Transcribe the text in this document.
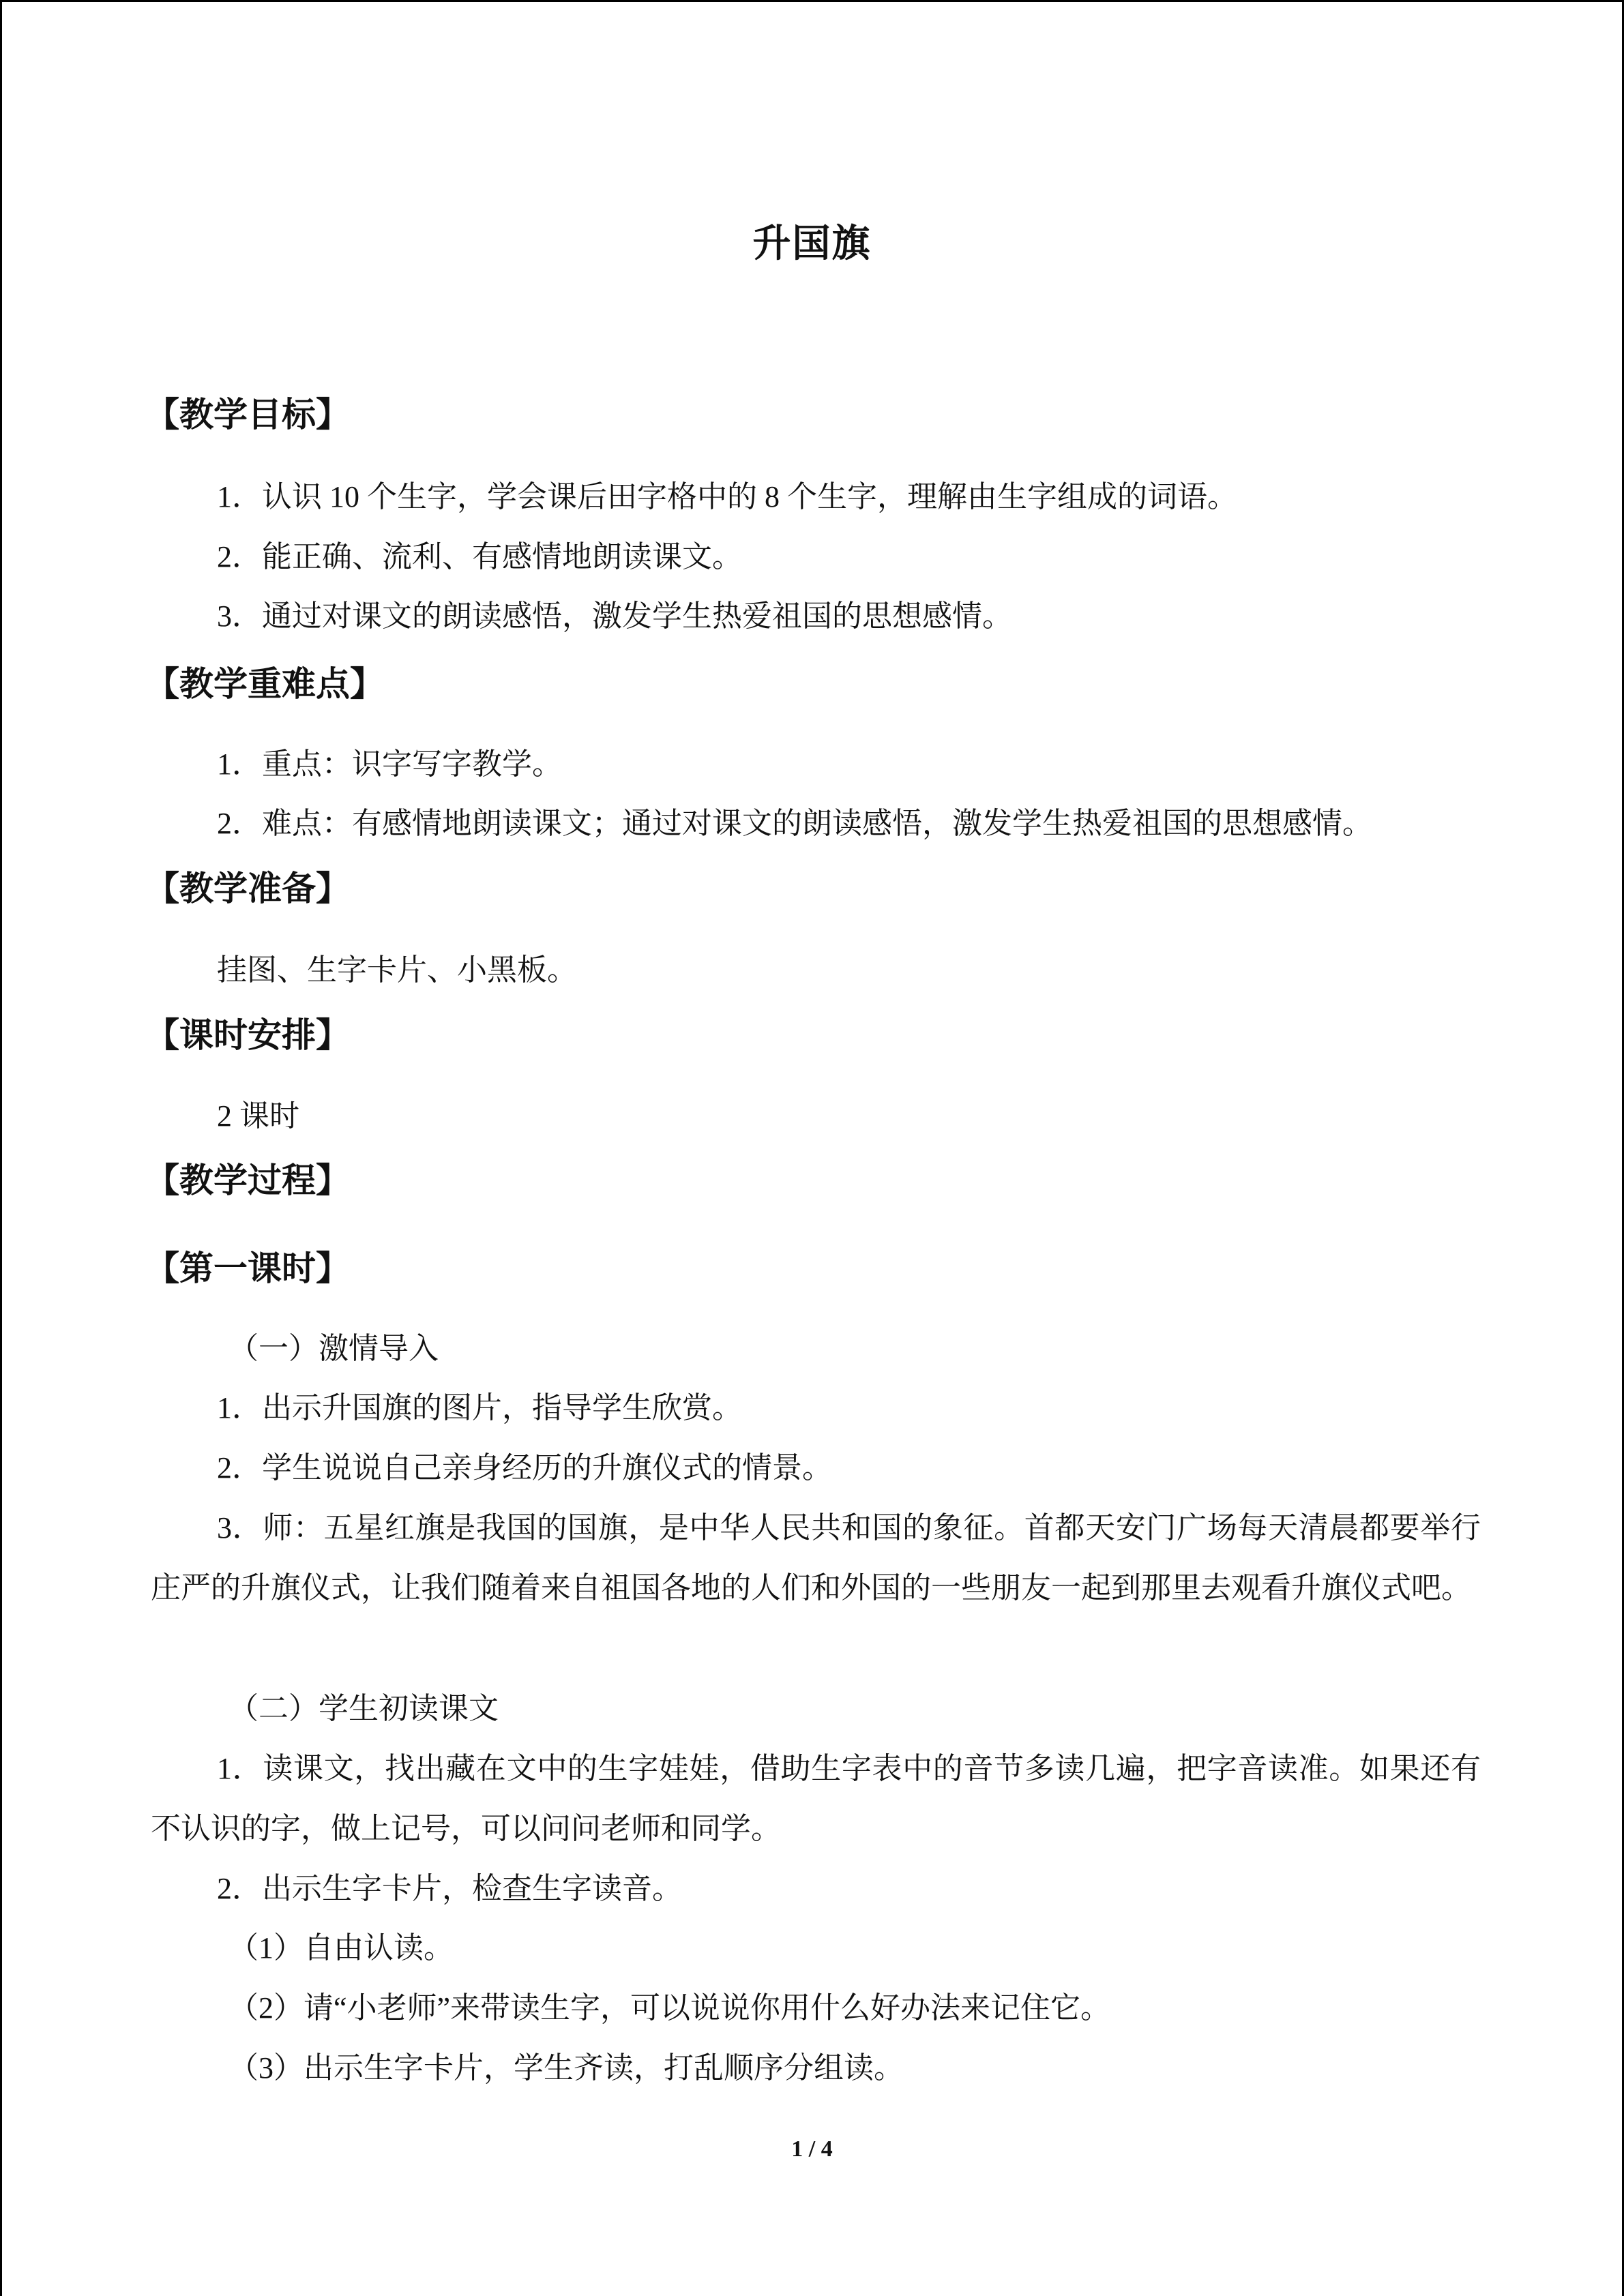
升国旗
【教学目标】
1．认识 10 个生字，学会课后田字格中的 8 个生字，理解由生字组成的词语。
2．能正确、流利、有感情地朗读课文。
3．通过对课文的朗读感悟，激发学生热爱祖国的思想感情。
【教学重难点】
1．重点：识字写字教学。
2．难点：有感情地朗读课文；通过对课文的朗读感悟，激发学生热爱祖国的思想感情。
【教学准备】
挂图、生字卡片、小黑板。
【课时安排】
2 课时
【教学过程】
【第一课时】
（一）激情导入
1．出示升国旗的图片，指导学生欣赏。
2．学生说说自己亲身经历的升旗仪式的情景。
3．师：五星红旗是我国的国旗，是中华人民共和国的象征。首都天安门广场每天清晨都要举行庄严的升旗仪式，让我们随着来自祖国各地的人们和外国的一些朋友一起到那里去观看升旗仪式吧。
（二）学生初读课文
1．读课文，找出藏在文中的生字娃娃，借助生字表中的音节多读几遍，把字音读准。如果还有不认识的字，做上记号，可以问问老师和同学。
2．出示生字卡片，检查生字读音。
（1）自由认读。
（2）请“小老师”来带读生字，可以说说你用什么好办法来记住它。
（3）出示生字卡片，学生齐读，打乱顺序分组读。
1 / 4
